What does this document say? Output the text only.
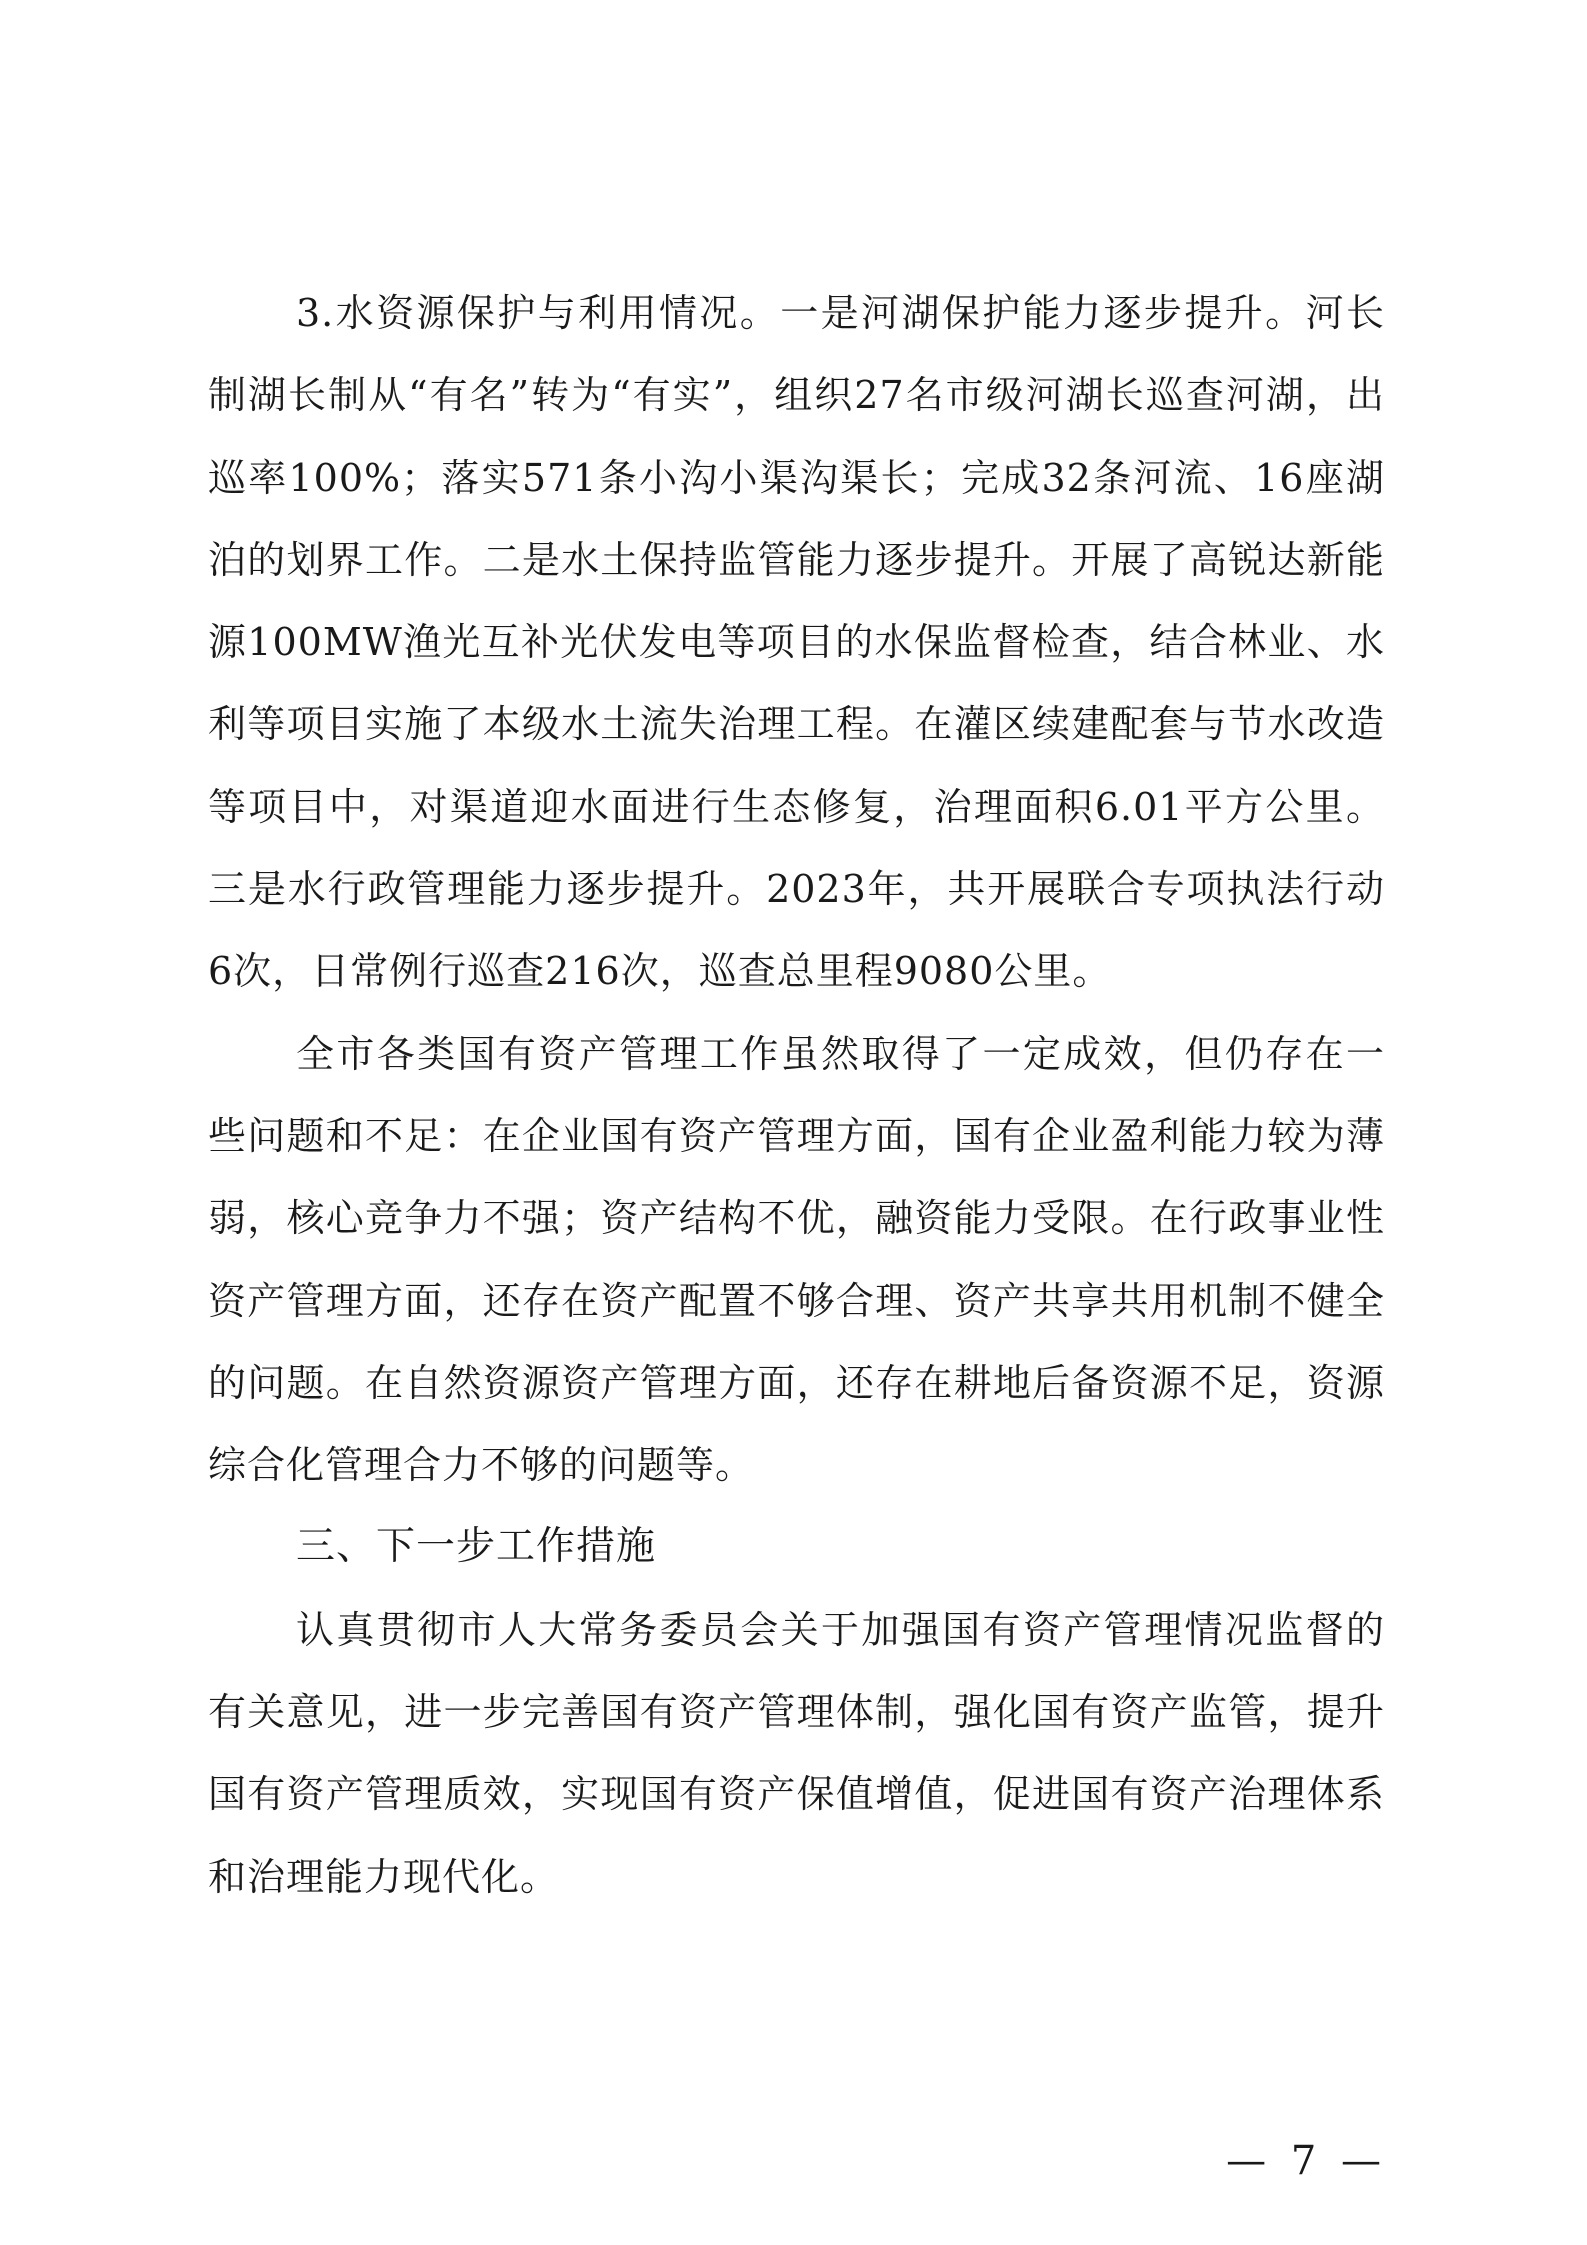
3.水资源保护与利用情况。一是河湖保护能力逐步提升。河长制湖长制从“有名”转为“有实”，组织27名市级河湖长巡查河湖，出巡率100%；落实571条小沟小渠沟渠长；完成32条河流、16座湖泊的划界工作。二是水土保持监管能力逐步提升。开展了高锐达新能源100MW渔光互补光伏发电等项目的水保监督检查，结合林业、水利等项目实施了本级水土流失治理工程。在灌区续建配套与节水改造等项目中，对渠道迎水面进行生态修复，治理面积6.01平方公里。三是水行政管理能力逐步提升。2023年，共开展联合专项执法行动6次，日常例行巡查216次，巡查总里程9080公里。

全市各类国有资产管理工作虽然取得了一定成效，但仍存在一些问题和不足：在企业国有资产管理方面，国有企业盈利能力较为薄弱，核心竞争力不强；资产结构不优，融资能力受限。在行政事业性资产管理方面，还存在资产配置不够合理、资产共享共用机制不健全的问题。在自然资源资产管理方面，还存在耕地后备资源不足，资源综合化管理合力不够的问题等。

三、下一步工作措施

认真贯彻市人大常务委员会关于加强国有资产管理情况监督的有关意见，进一步完善国有资产管理体制，强化国有资产监管，提升国有资产管理质效，实现国有资产保值增值，促进国有资产治理体系和治理能力现代化。

— 7 —
